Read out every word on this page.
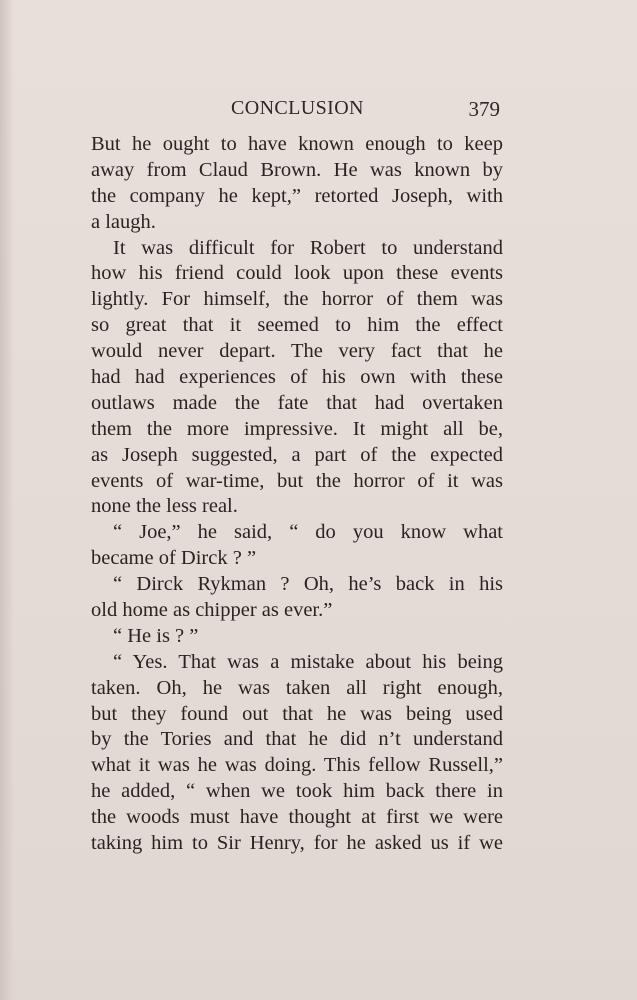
CONCLUSION	379
But he ought to have known enough to keep
away from Claud Brown. He was known by
the company he kept,” retorted Joseph, with
a laugh.
It was difficult for Robert to understand
how his friend could look upon these events
lightly. For himself, the horror of them was
so great that it seemed to him the effect
would never depart. The very fact that he
had had experiences of his own with these
outlaws made the fate that had overtaken
them the more impressive. It might all be,
as Joseph suggested, a part of the expected
events of war-time, but the horror of it was
none the less real.
“ Joe,” he said, “ do you know what
became of Dirck ? ”
“ Dirck Rykman ? Oh, he’s back in his
old home as chipper as ever.”
“ He is ? ”
“ Yes. That was a mistake about his being
taken. Oh, he was taken all right enough,
but they found out that he was being used
by the Tories and that he did n’t understand
what it was he was doing. This fellow Russell,”
he added, “ when we took him back there in
the woods must have thought at first we were
taking him to Sir Henry, for he asked us if we
